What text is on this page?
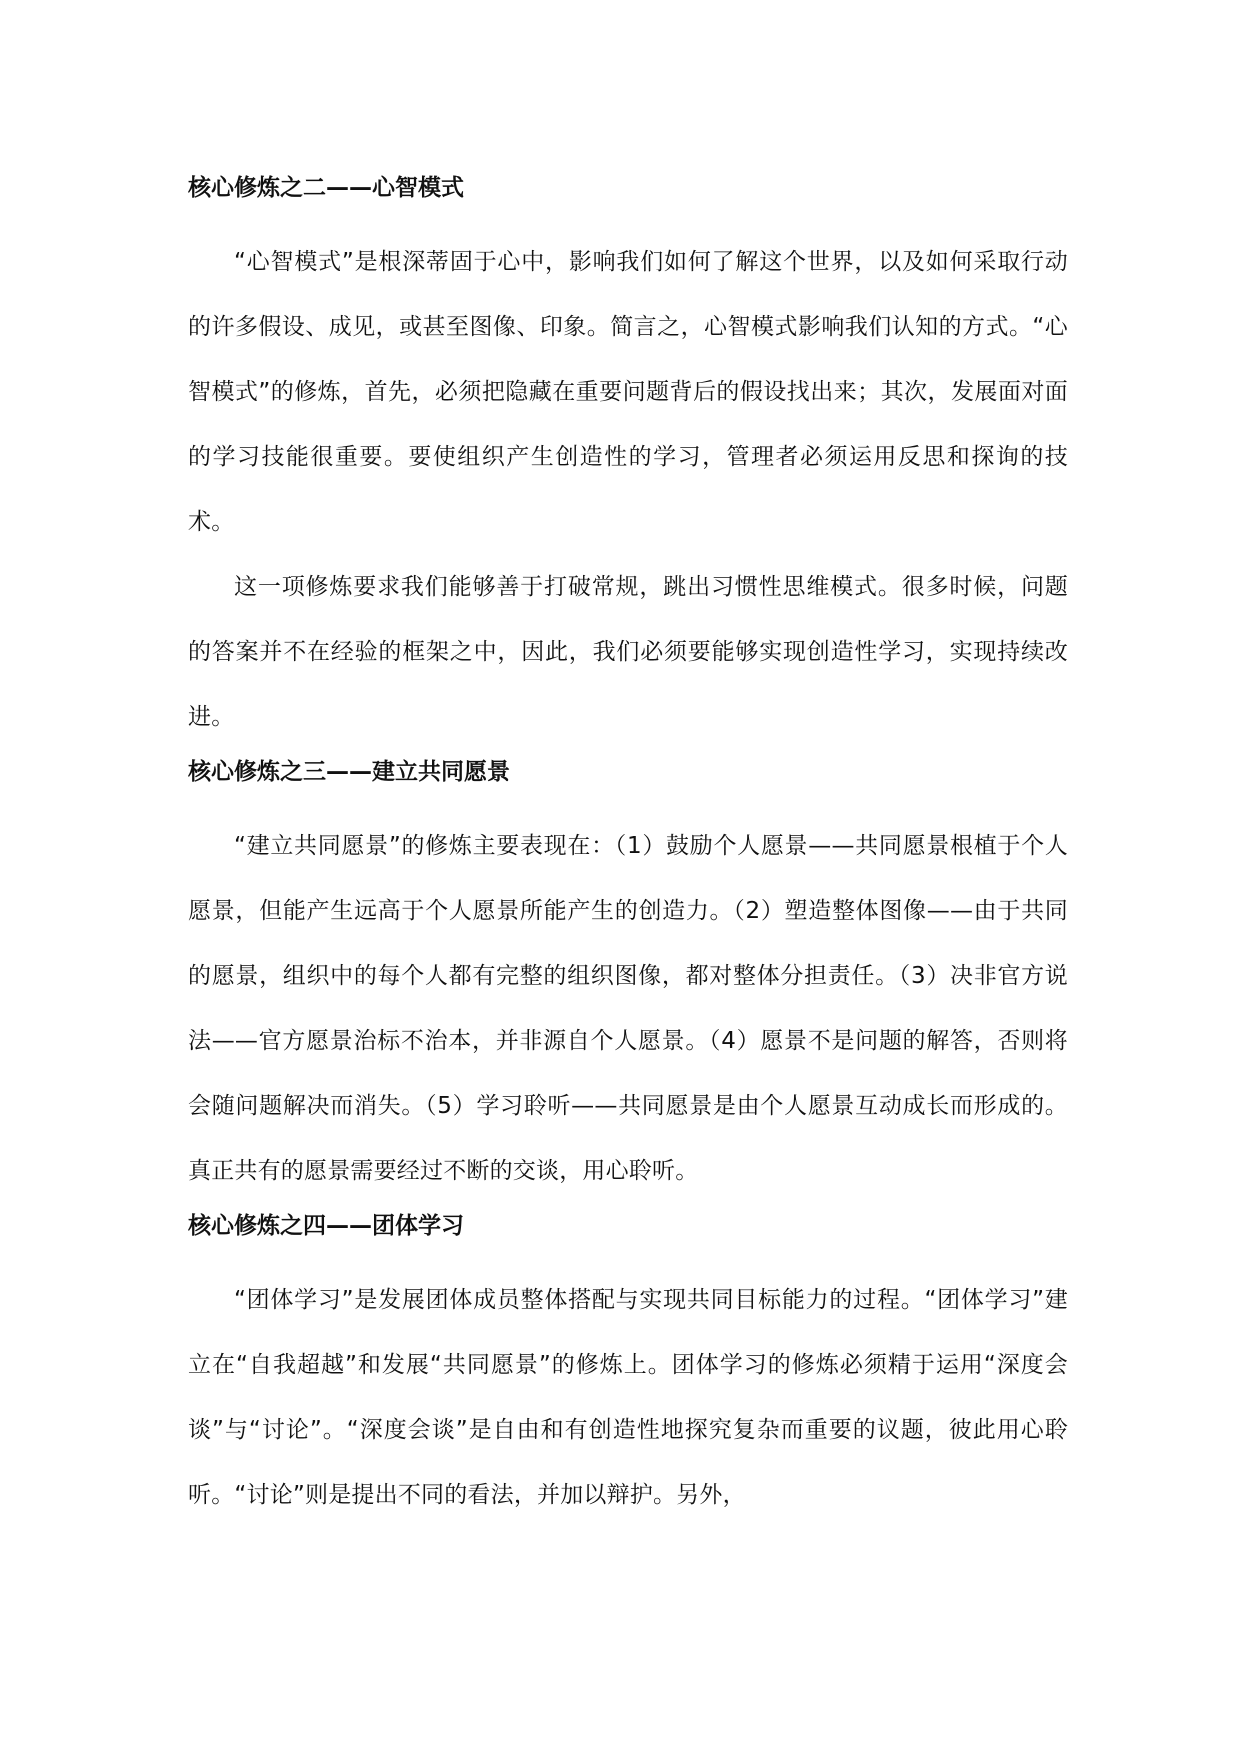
核心修炼之二——心智模式

“心智模式”是根深蒂固于心中，影响我们如何了解这个世界，以及如何采取行动的许多假设、成见，或甚至图像、印象。简言之，心智模式影响我们认知的方式。“心智模式”的修炼，首先，必须把隐藏在重要问题背后的假设找出来；其次，发展面对面的学习技能很重要。要使组织产生创造性的学习，管理者必须运用反思和探询的技术。

这一项修炼要求我们能够善于打破常规，跳出习惯性思维模式。很多时候，问题的答案并不在经验的框架之中，因此，我们必须要能够实现创造性学习，实现持续改进。

核心修炼之三——建立共同愿景

“建立共同愿景”的修炼主要表现在：（1）鼓励个人愿景——共同愿景根植于个人愿景，但能产生远高于个人愿景所能产生的创造力。（2）塑造整体图像——由于共同的愿景，组织中的每个人都有完整的组织图像，都对整体分担责任。（3）决非官方说法——官方愿景治标不治本，并非源自个人愿景。（4）愿景不是问题的解答，否则将会随问题解决而消失。（5）学习聆听——共同愿景是由个人愿景互动成长而形成的。真正共有的愿景需要经过不断的交谈，用心聆听。

核心修炼之四——团体学习

“团体学习”是发展团体成员整体搭配与实现共同目标能力的过程。“团体学习”建立在“自我超越”和发展“共同愿景”的修炼上。团体学习的修炼必须精于运用“深度会谈”与“讨论”。“深度会谈”是自由和有创造性地探究复杂而重要的议题，彼此用心聆听。“讨论”则是提出不同的看法，并加以辩护。另外，
